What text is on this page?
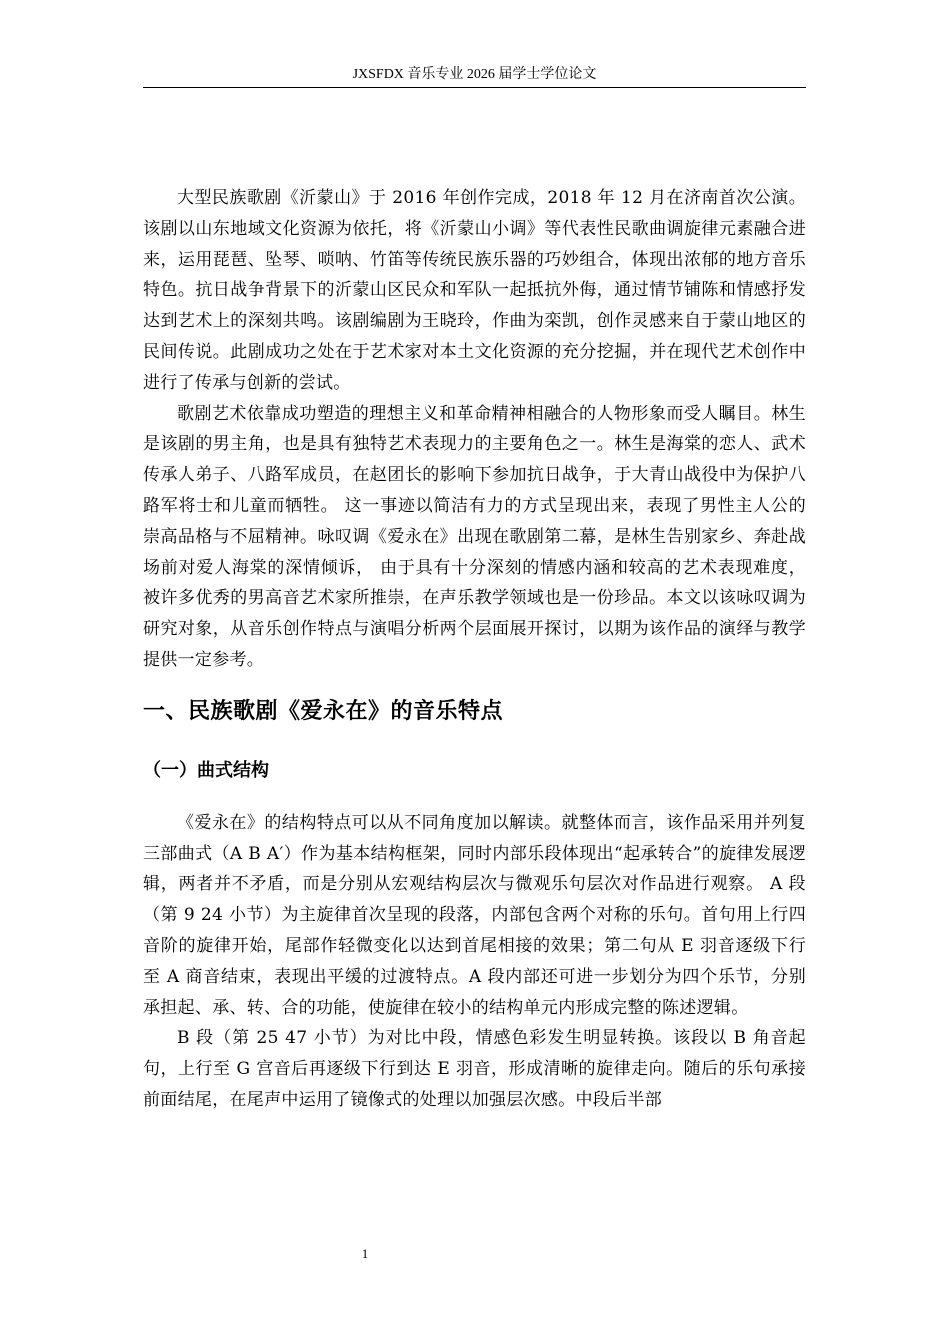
JXSFDX 音乐专业 2026 届学士学位论文

大型民族歌剧《沂蒙山》于 2016 年创作完成，2018 年 12 月在济南首次公演。该剧以山东地域文化资源为依托，将《沂蒙山小调》等代表性民歌曲调旋律元素融合进来，运用琵琶、坠琴、唢呐、竹笛等传统民族乐器的巧妙组合，体现出浓郁的地方音乐特色。抗日战争背景下的沂蒙山区民众和军队一起抵抗外侮，通过情节铺陈和情感抒发达到艺术上的深刻共鸣。该剧编剧为王晓玲，作曲为栾凯，创作灵感来自于蒙山地区的民间传说。此剧成功之处在于艺术家对本土文化资源的充分挖掘，并在现代艺术创作中进行了传承与创新的尝试。

歌剧艺术依靠成功塑造的理想主义和革命精神相融合的人物形象而受人瞩目。林生是该剧的男主角，也是具有独特艺术表现力的主要角色之一。林生是海棠的恋人、武术传承人弟子、八路军成员，在赵团长的影响下参加抗日战争，于大青山战役中为保护八路军将士和儿童而牺牲。 这一事迹以简洁有力的方式呈现出来，表现了男性主人公的崇高品格与不屈精神。咏叹调《爱永在》出现在歌剧第二幕，是林生告别家乡、奔赴战场前对爱人海棠的深情倾诉， 由于具有十分深刻的情感内涵和较高的艺术表现难度，被许多优秀的男高音艺术家所推崇，在声乐教学领域也是一份珍品。本文以该咏叹调为研究对象，从音乐创作特点与演唱分析两个层面展开探讨，以期为该作品的演绎与教学提供一定参考。

一、民族歌剧《爱永在》的音乐特点
（一）曲式结构

《爱永在》的结构特点可以从不同角度加以解读。就整体而言，该作品采用并列复三部曲式（A B A′）作为基本结构框架，同时内部乐段体现出“起承转合”的旋律发展逻辑，两者并不矛盾，而是分别从宏观结构层次与微观乐句层次对作品进行观察。 A 段（第 9 24 小节）为主旋律首次呈现的段落，内部包含两个对称的乐句。首句用上行四音阶的旋律开始，尾部作轻微变化以达到首尾相接的效果；第二句从 E 羽音逐级下行至 A 商音结束，表现出平缓的过渡特点。A 段内部还可进一步划分为四个乐节，分别承担起、承、转、合的功能，使旋律在较小的结构单元内形成完整的陈述逻辑。

B 段（第 25 47 小节）为对比中段，情感色彩发生明显转换。该段以 B 角音起句，上行至 G 宫音后再逐级下行到达 E 羽音，形成清晰的旋律走向。随后的乐句承接前面结尾，在尾声中运用了镜像式的处理以加强层次感。中段后半部

1
